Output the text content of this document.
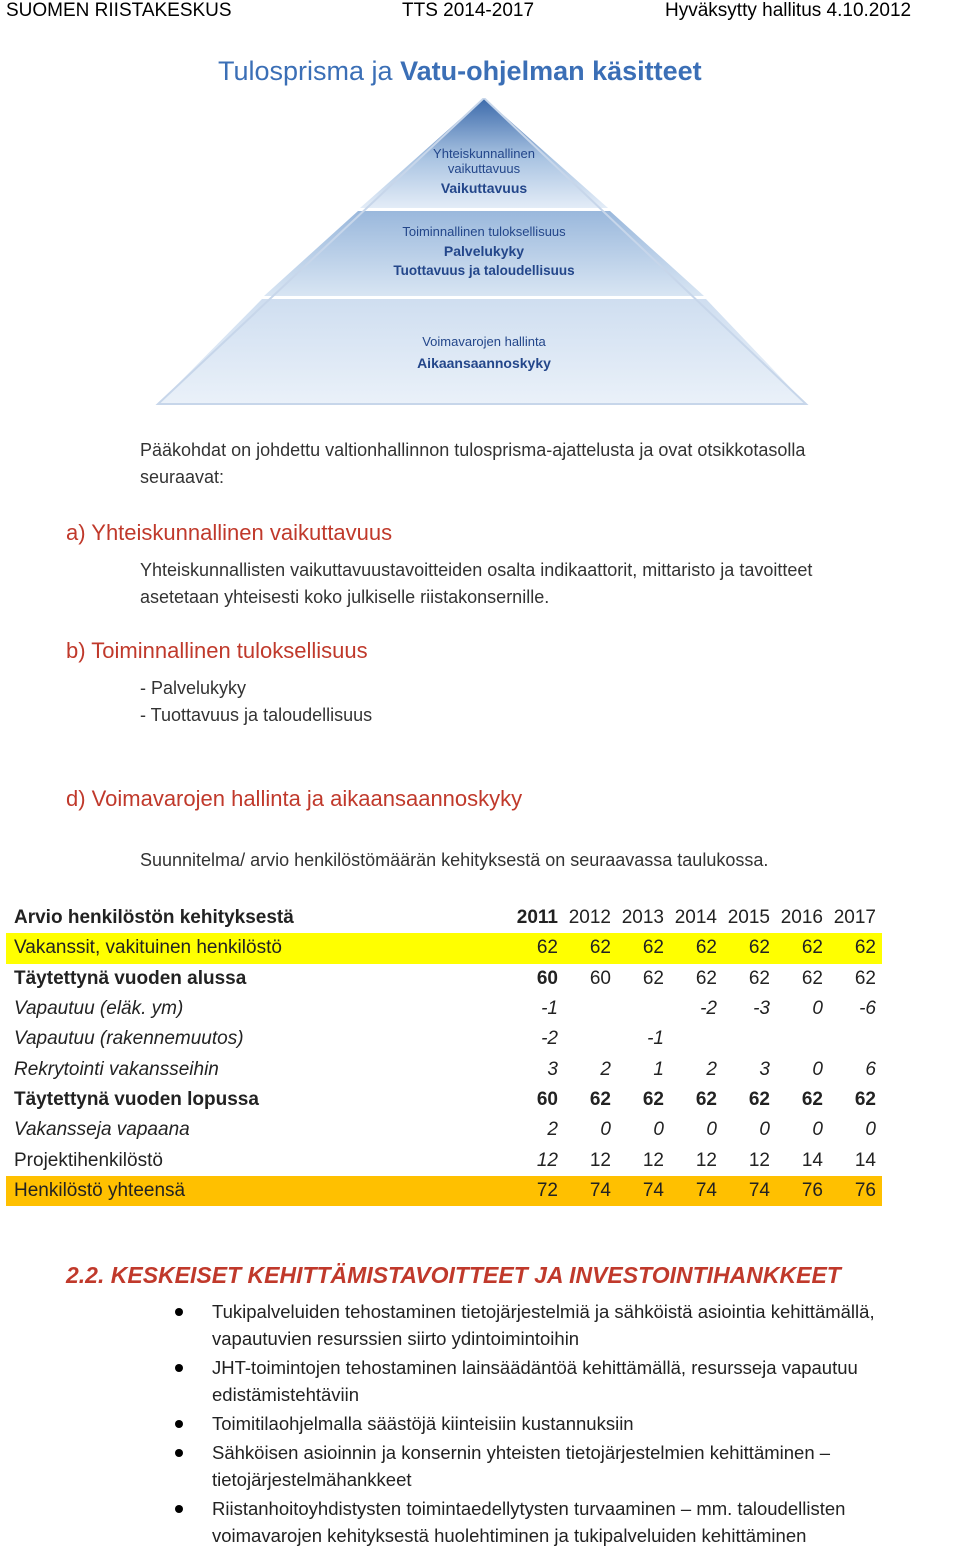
SUOMEN RIISTAKESKUS	TTS 2014-2017	Hyväksytty hallitus 4.10.2012
Tulosprisma ja Vatu-ohjelman käsitteet
Yhteiskunnallinen
vaikuttavuus
Vaikuttavuus
Toiminnallinen tuloksellisuus
Palvelukyky
Tuottavuus ja taloudellisuus
Voimavarojen hallinta
Aikaansaannoskyky
Pääkohdat on johdettu valtionhallinnon tulosprisma-ajattelusta ja ovat otsikkotasolla
seuraavat:
a) Yhteiskunnallinen vaikuttavuus
Yhteiskunnallisten vaikuttavuustavoitteiden osalta indikaattorit, mittaristo ja tavoitteet
asetetaan yhteisesti koko julkiselle riistakonsernille.
b) Toiminnallinen tuloksellisuus
- Palvelukyky
- Tuottavuus ja taloudellisuus
d) Voimavarojen hallinta ja aikaansaannoskyky
Suunnitelma/ arvio henkilöstömäärän kehityksestä on seuraavassa taulukossa.
Arvio henkilöstön kehityksestä	2011	2012	2013	2014	2015	2016	2017
Vakanssit, vakituinen henkilöstö	62	62	62	62	62	62	62
Täytettynä vuoden alussa	60	60	62	62	62	62	62
Vapautuu (eläk. ym)	-1			-2	-3	0	-6
Vapautuu (rakennemuutos)	-2		-1				
Rekrytointi vakansseihin	3	2	1	2	3	0	6
Täytettynä vuoden lopussa	60	62	62	62	62	62	62
Vakansseja vapaana	2	0	0	0	0	0	0
Projektihenkilöstö	12	12	12	12	12	14	14
Henkilöstö yhteensä	72	74	74	74	74	76	76
2.2. KESKEISET KEHITTÄMISTAVOITTEET JA INVESTOINTIHANKKEET
Tukipalveluiden tehostaminen tietojärjestelmiä ja sähköistä asiointia kehittämällä, vapautuvien resurssien siirto ydintoimintoihin
JHT-toimintojen tehostaminen lainsäädäntöä kehittämällä, resursseja vapautuu edistämistehtäviin
Toimitilaohjelmalla säästöjä kiinteisiin kustannuksiin
Sähköisen asioinnin ja konsernin yhteisten tietojärjestelmien kehittäminen – tietojärjestelmähankkeet
Riistanhoitoyhdistysten toimintaedellytysten turvaaminen – mm. taloudellisten voimavarojen kehityksestä huolehtiminen ja tukipalveluiden kehittäminen
